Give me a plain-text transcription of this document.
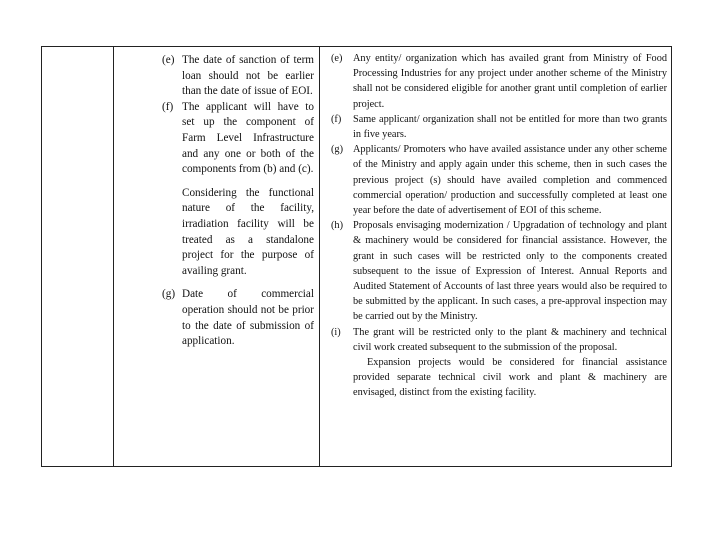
(e) The date of sanction of term loan should not be earlier than the date of issue of EOI.
(f) The applicant will have to set up the component of Farm Level Infrastructure and any one or both of the components from (b) and (c).
Considering the functional nature of the facility, irradiation facility will be treated as a standalone project for the purpose of availing grant.
(g) Date of commercial operation should not be prior to the date of submission of application.
(e) Any entity/ organization which has availed grant from Ministry of Food Processing Industries for any project under another scheme of the Ministry shall not be considered eligible for another grant until completion of earlier project.
(f) Same applicant/ organization shall not be entitled for more than two grants in five years.
(g) Applicants/ Promoters who have availed assistance under any other scheme of the Ministry and apply again under this scheme, then in such cases the previous project (s) should have availed completion and commenced commercial operation/ production and successfully completed at least one year before the date of advertisement of EOI of this scheme.
(h) Proposals envisaging modernization / Upgradation of technology and plant & machinery would be considered for financial assistance. However, the grant in such cases will be restricted only to the components created subsequent to the issue of Expression of Interest. Annual Reports and Audited Statement of Accounts of last three years would also be required to be submitted by the applicant. In such cases, a pre-approval inspection may be carried out by the Ministry.
(i) The grant will be restricted only to the plant & machinery and technical civil work created subsequent to the submission of the proposal.
Expansion projects would be considered for financial assistance provided separate technical civil work and plant & machinery are envisaged, distinct from the existing facility.
